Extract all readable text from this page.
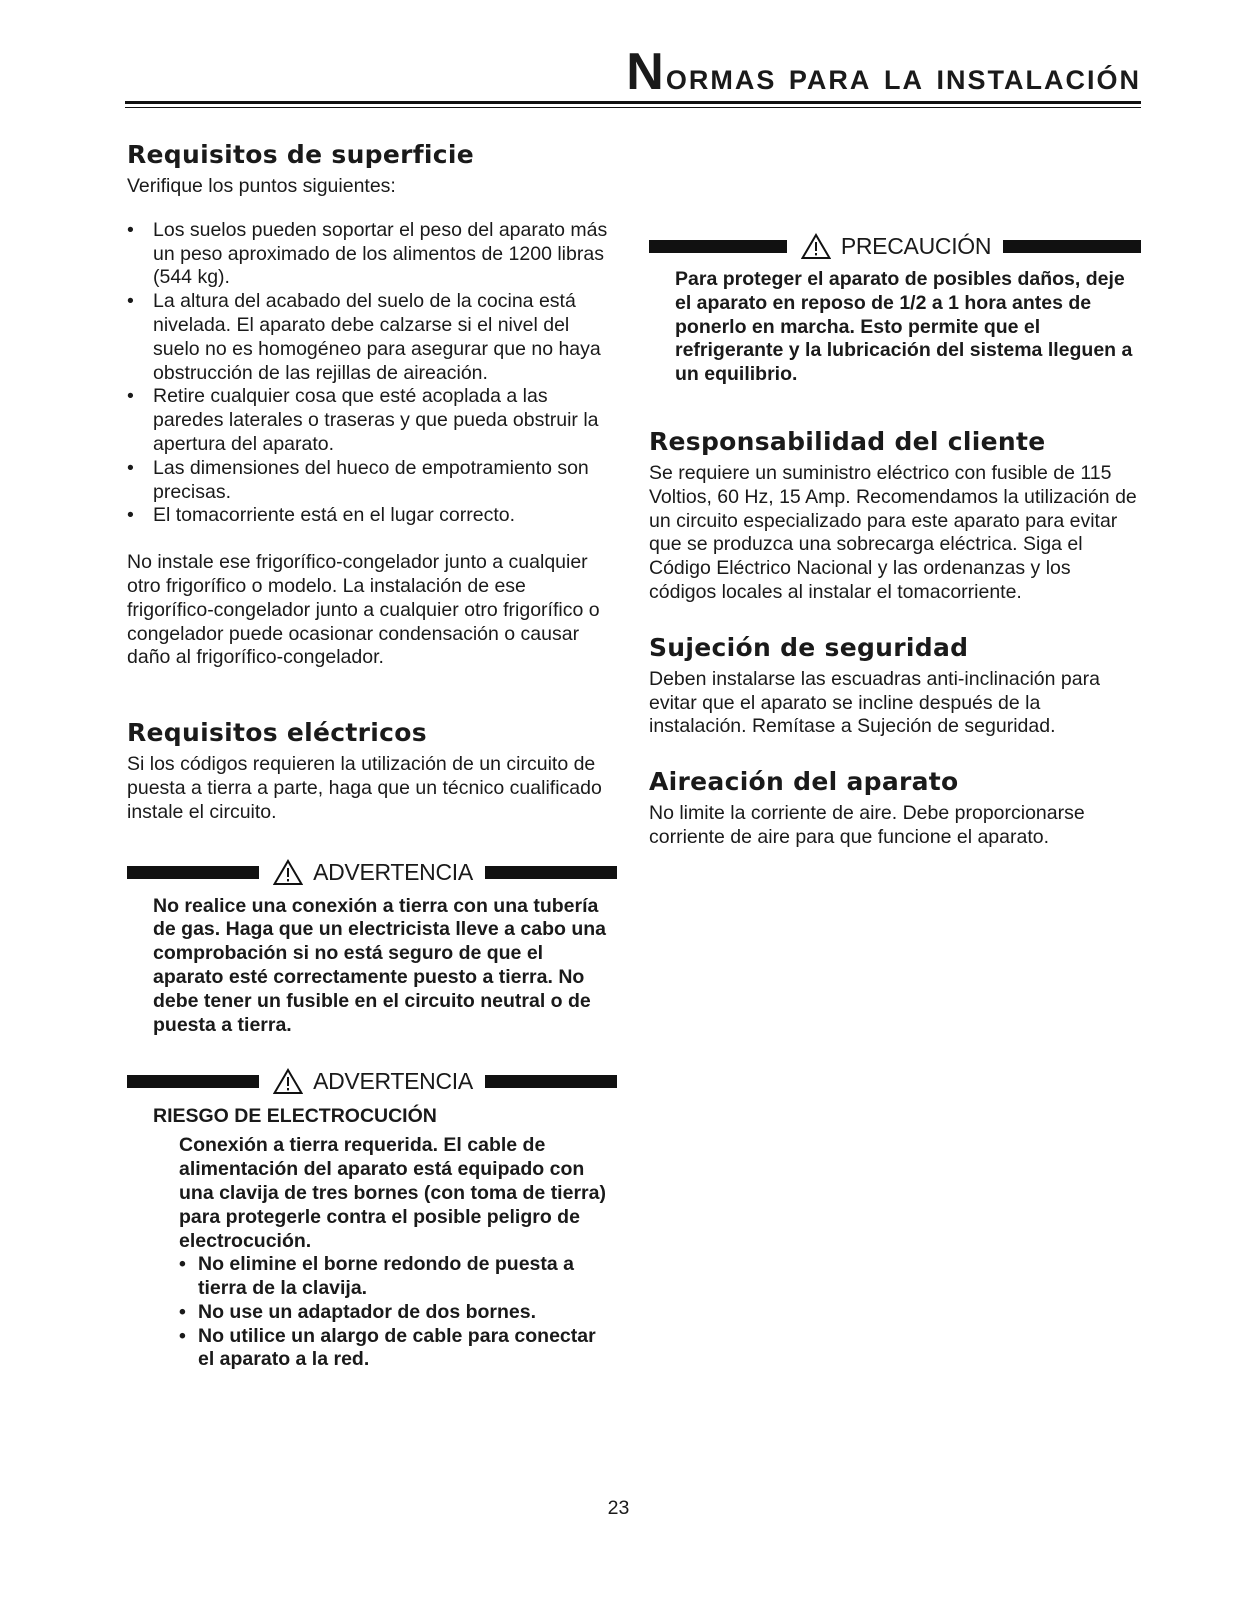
Normas para la instalación
Requisitos de superficie

Verifique los puntos siguientes:

• Los suelos pueden soportar el peso del aparato más un peso aproximado de los alimentos de 1200 libras (544 kg).
• La altura del acabado del suelo de la cocina está nivelada. El aparato debe calzarse si el nivel del suelo no es homogéneo para asegurar que no haya obstrucción de las rejillas de aireación.
• Retire cualquier cosa que esté acoplada a las paredes laterales o traseras y que pueda obstruir la apertura del aparato.
• Las dimensiones del hueco de empotramiento son precisas.
• El tomacorriente está en el lugar correcto.

No instale ese frigorífico-congelador junto a cualquier otro frigorífico o modelo. La instalación de ese frigorífico-congelador junto a cualquier otro frigorífico o congelador puede ocasionar condensación o causar daño al frigorífico-congelador.

Requisitos eléctricos

Si los códigos requieren la utilización de un circuito de puesta a tierra a parte, haga que un técnico cualificado instale el circuito.

ADVERTENCIA

No realice una conexión a tierra con una tubería de gas. Haga que un electricista lleve a cabo una comprobación si no está seguro de que el aparato esté correctamente puesto a tierra. No debe tener un fusible en el circuito neutral o de puesta a tierra.

ADVERTENCIA
RIESGO DE ELECTROCUCIÓN

Conexión a tierra requerida. El cable de alimentación del aparato está equipado con una clavija de tres bornes (con toma de tierra) para protegerle contra el posible peligro de electrocución.

• No elimine el borne redondo de puesta a tierra de la clavija.
• No use un adaptador de dos bornes.
• No utilice un alargo de cable para conectar el aparato a la red.
PRECAUCIÓN

Para proteger el aparato de posibles daños, deje el aparato en reposo de 1/2 a 1 hora antes de ponerlo en marcha. Esto permite que el refrigerante y la lubricación del sistema lleguen a un equilibrio.

Responsabilidad del cliente

Se requiere un suministro eléctrico con fusible de 115 Voltios, 60 Hz, 15 Amp. Recomendamos la utilización de un circuito especializado para este aparato para evitar que se produzca una sobrecarga eléctrica. Siga el Código Eléctrico Nacional y las ordenanzas y los códigos locales al instalar el tomacorriente.

Sujeción de seguridad

Deben instalarse las escuadras anti-inclinación para evitar que el aparato se incline después de la instalación. Remítase a Sujeción de seguridad.

Aireación del aparato

No limite la corriente de aire. Debe proporcionarse corriente de aire para que funcione el aparato.

23
